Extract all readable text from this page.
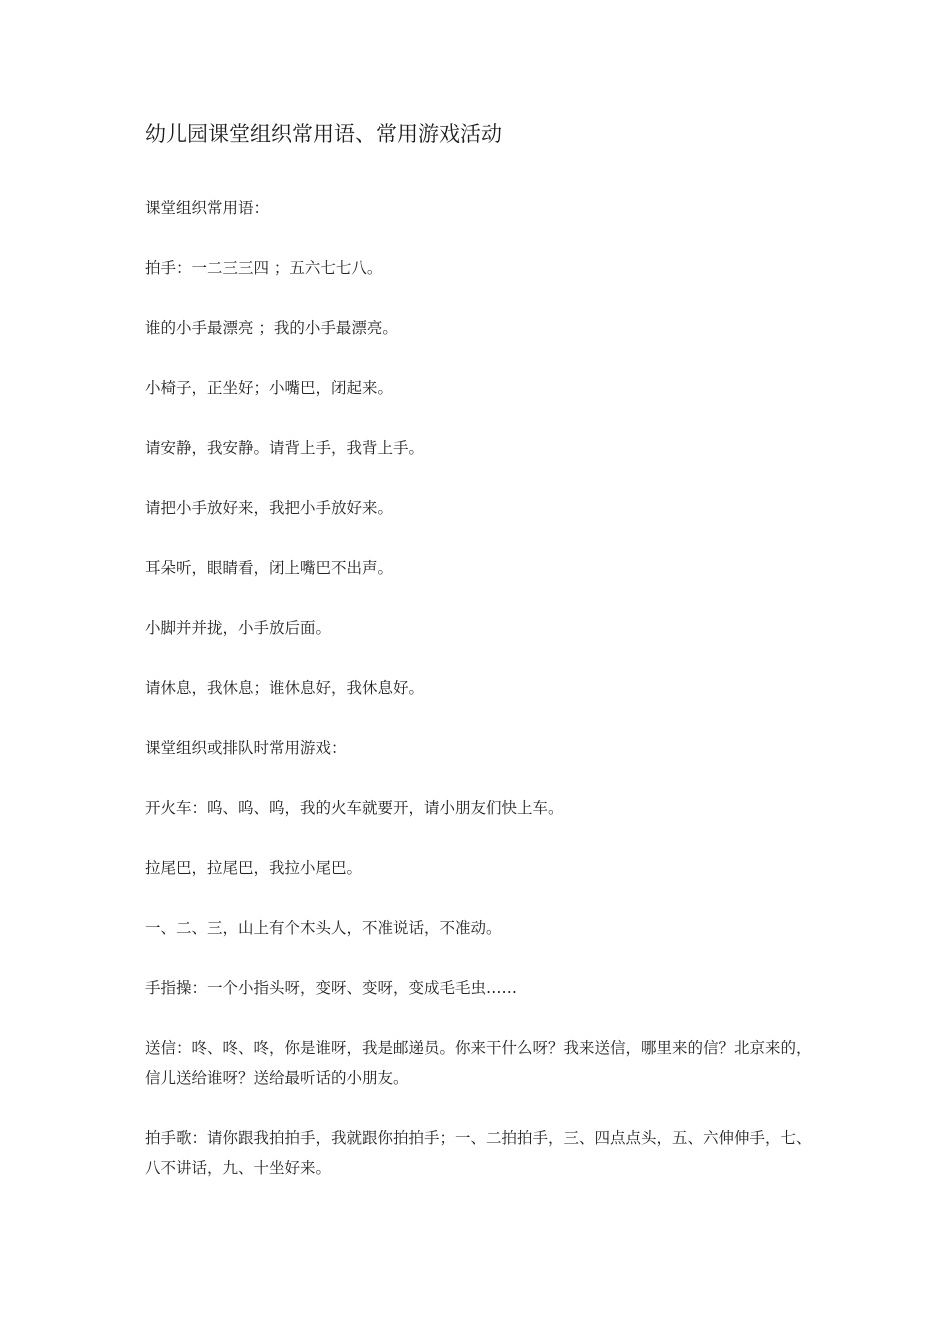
幼儿园课堂组织常用语、常用游戏活动

课堂组织常用语：

拍手：一二三三四 ；五六七七八。

谁的小手最漂亮 ；我的小手最漂亮。

小椅子，正坐好；小嘴巴，闭起来。

请安静，我安静。请背上手，我背上手。

请把小手放好来，我把小手放好来。

耳朵听，眼睛看，闭上嘴巴不出声。

小脚并并拢，小手放后面。

请休息，我休息；谁休息好，我休息好。

课堂组织或排队时常用游戏：

开火车：呜、呜、呜，我的火车就要开，请小朋友们快上车。

拉尾巴，拉尾巴，我拉小尾巴。

一、二、三，山上有个木头人，不准说话，不准动。

手指操：一个小指头呀，变呀、变呀，变成毛毛虫……

送信：咚、咚、咚，你是谁呀，我是邮递员。你来干什么呀？我来送信，哪里来的信？北京来的，信儿送给谁呀？送给最听话的小朋友。

拍手歌：请你跟我拍拍手，我就跟你拍拍手；一、二拍拍手，三、四点点头，五、六伸伸手，七、八不讲话，九、十坐好来。
